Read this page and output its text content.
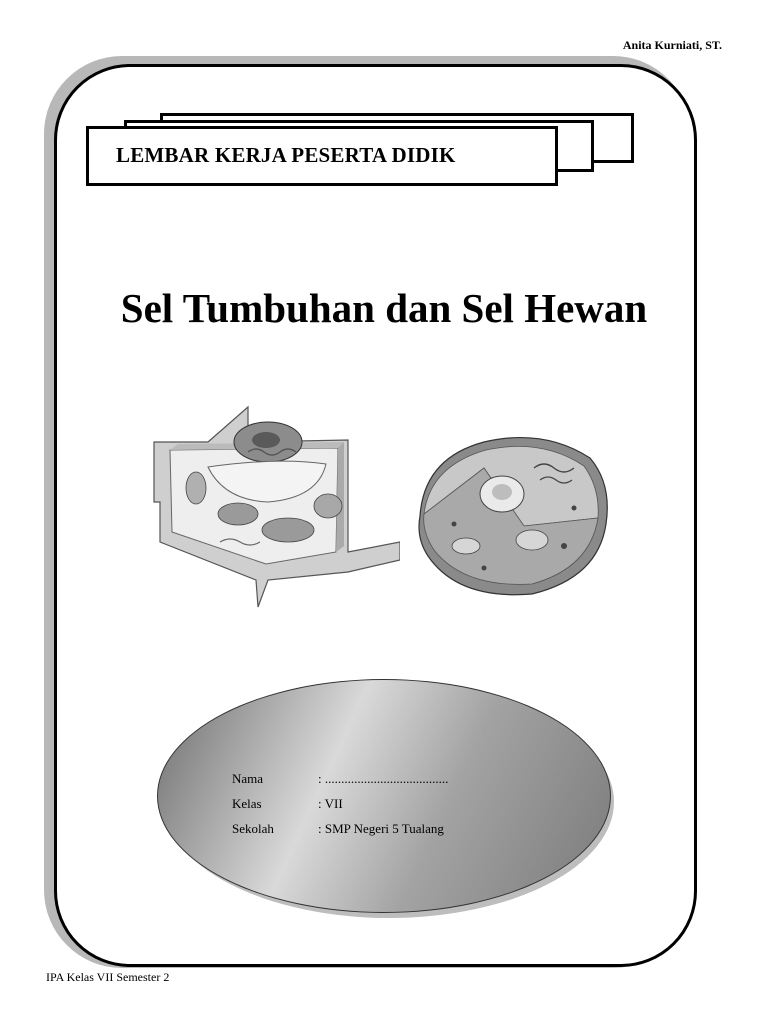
Anita Kurniati, ST.
LEMBAR KERJA PESERTA DIDIK
Sel Tumbuhan dan Sel Hewan
Nama	: ......................................
Kelas	: VII
Sekolah	: SMP Negeri 5 Tualang
IPA Kelas VII Semester 2
